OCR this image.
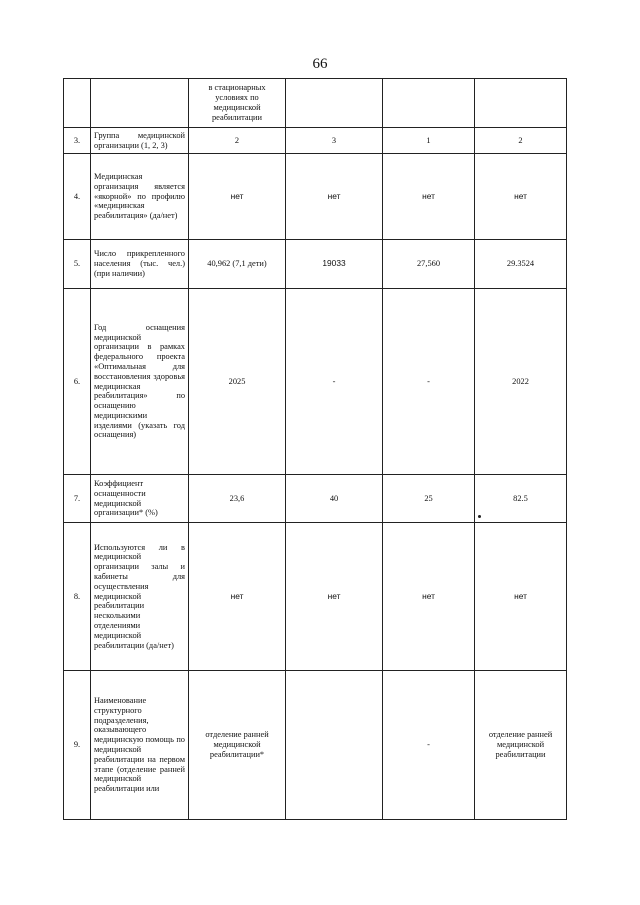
66
		в стационарных условиях по медицинской реабилитации			
3.	Группа медицинской организации (1, 2, 3)	2	3	1	2
4.	Медицинская организация является «якорной» по профилю «медицинская реабилитация» (да/нет)	нет	нет	нет	нет
5.	Число прикрепленного населения (тыс. чел.) (при наличии)	40,962 (7,1 дети)	19033	27,560	29.3524
6.	Год оснащения медицинской организации в рамках федерального проекта «Оптимальная для восстановления здоровья медицинская реабилитация» по оснащению медицинскими изделиями (указать год оснащения)	2025	-	-	2022
7.	Коэффициент оснащенности медицинской организации* (%)	23,6	40	25	82.5
8.	Используются ли в медицинской организации залы и кабинеты для осуществления медицинской реабилитации несколькими отделениями медицинской реабилитации (да/нет)	нет	нет	нет	нет
9.	Наименование структурного подразделения, оказывающего медицинскую помощь по медицинской реабилитации на первом этапе (отделение ранней медицинской реабилитации или	отделение ранней медицинской реабилитации*		-	отделение ранней медицинской реабилитации
